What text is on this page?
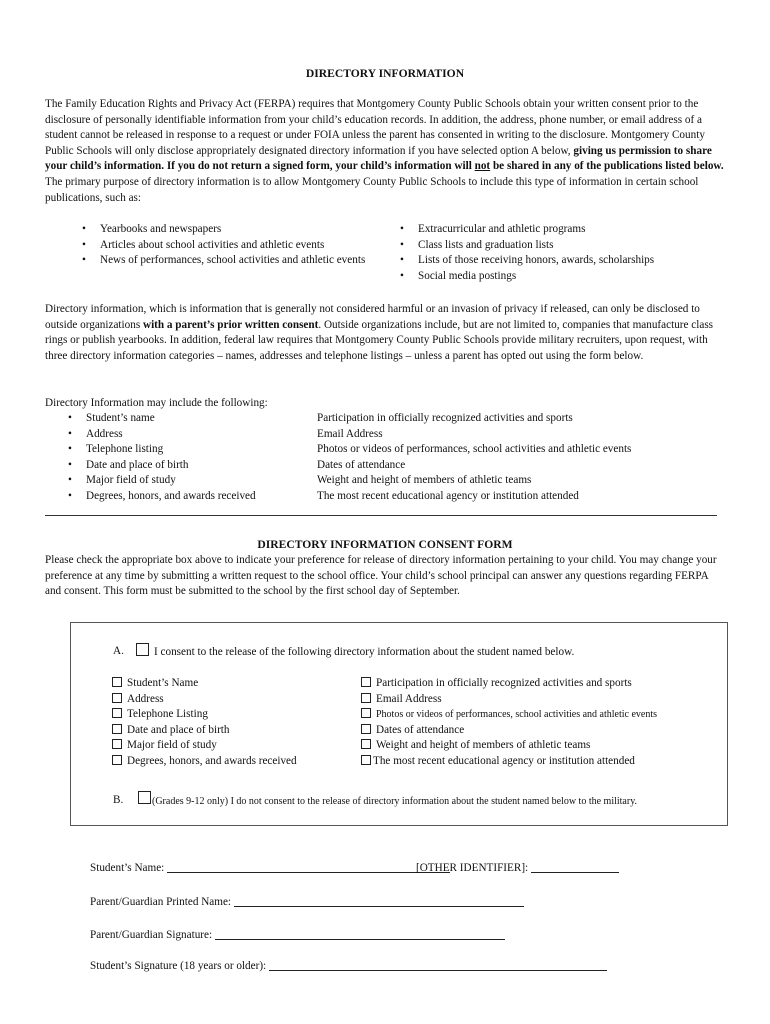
DIRECTORY INFORMATION
The Family Education Rights and Privacy Act (FERPA) requires that Montgomery County Public Schools obtain your written consent prior to the disclosure of personally identifiable information from your child’s education records. In addition, the address, phone number, or email address of a student cannot be released in response to a request or under FOIA unless the parent has consented in writing to the disclosure. Montgomery County Public Schools will only disclose appropriately designated directory information if you have selected option A below, giving us permission to share your child’s information. If you do not return a signed form, your child’s information will not be shared in any of the publications listed below. The primary purpose of directory information is to allow Montgomery County Public Schools to include this type of information in certain school publications, such as:
• Yearbooks and newspapers
• Articles about school activities and athletic events
• News of performances, school activities and athletic events
• Extracurricular and athletic programs
• Class lists and graduation lists
• Lists of those receiving honors, awards, scholarships
• Social media postings
Directory information, which is information that is generally not considered harmful or an invasion of privacy if released, can only be disclosed to outside organizations with a parent’s prior written consent. Outside organizations include, but are not limited to, companies that manufacture class rings or publish yearbooks. In addition, federal law requires that Montgomery County Public Schools provide military recruiters, upon request, with three directory information categories – names, addresses and telephone listings – unless a parent has opted out using the form below.
Directory Information may include the following:
• Student’s name
• Address
• Telephone listing
• Date and place of birth
• Major field of study
• Degrees, honors, and awards received
Participation in officially recognized activities and sports
Email Address
Photos or videos of performances, school activities and athletic events
Dates of attendance
Weight and height of members of athletic teams
The most recent educational agency or institution attended
DIRECTORY INFORMATION CONSENT FORM
Please check the appropriate box above to indicate your preference for release of directory information pertaining to your child. You may change your preference at any time by submitting a written request to the school office. Your child’s school principal can answer any questions regarding FERPA and consent. This form must be submitted to the school by the first school day of September.
A.	I consent to the release of the following directory information about the student named below.
Student’s Name
Address
Telephone Listing
Date and place of birth
Major field of study
Degrees, honors, and awards received
Participation in officially recognized activities and sports
Email Address
Photos or videos of performances, school activities and athletic events
Dates of attendance
Weight and height of members of athletic teams
The most recent educational agency or institution attended
B.	(Grades 9-12 only) I do not consent to the release of directory information about the student named below to the military.
Student’s Name:	[OTHER IDENTIFIER]:
Parent/Guardian Printed Name:
Parent/Guardian Signature:
Student’s Signature (18 years or older):
